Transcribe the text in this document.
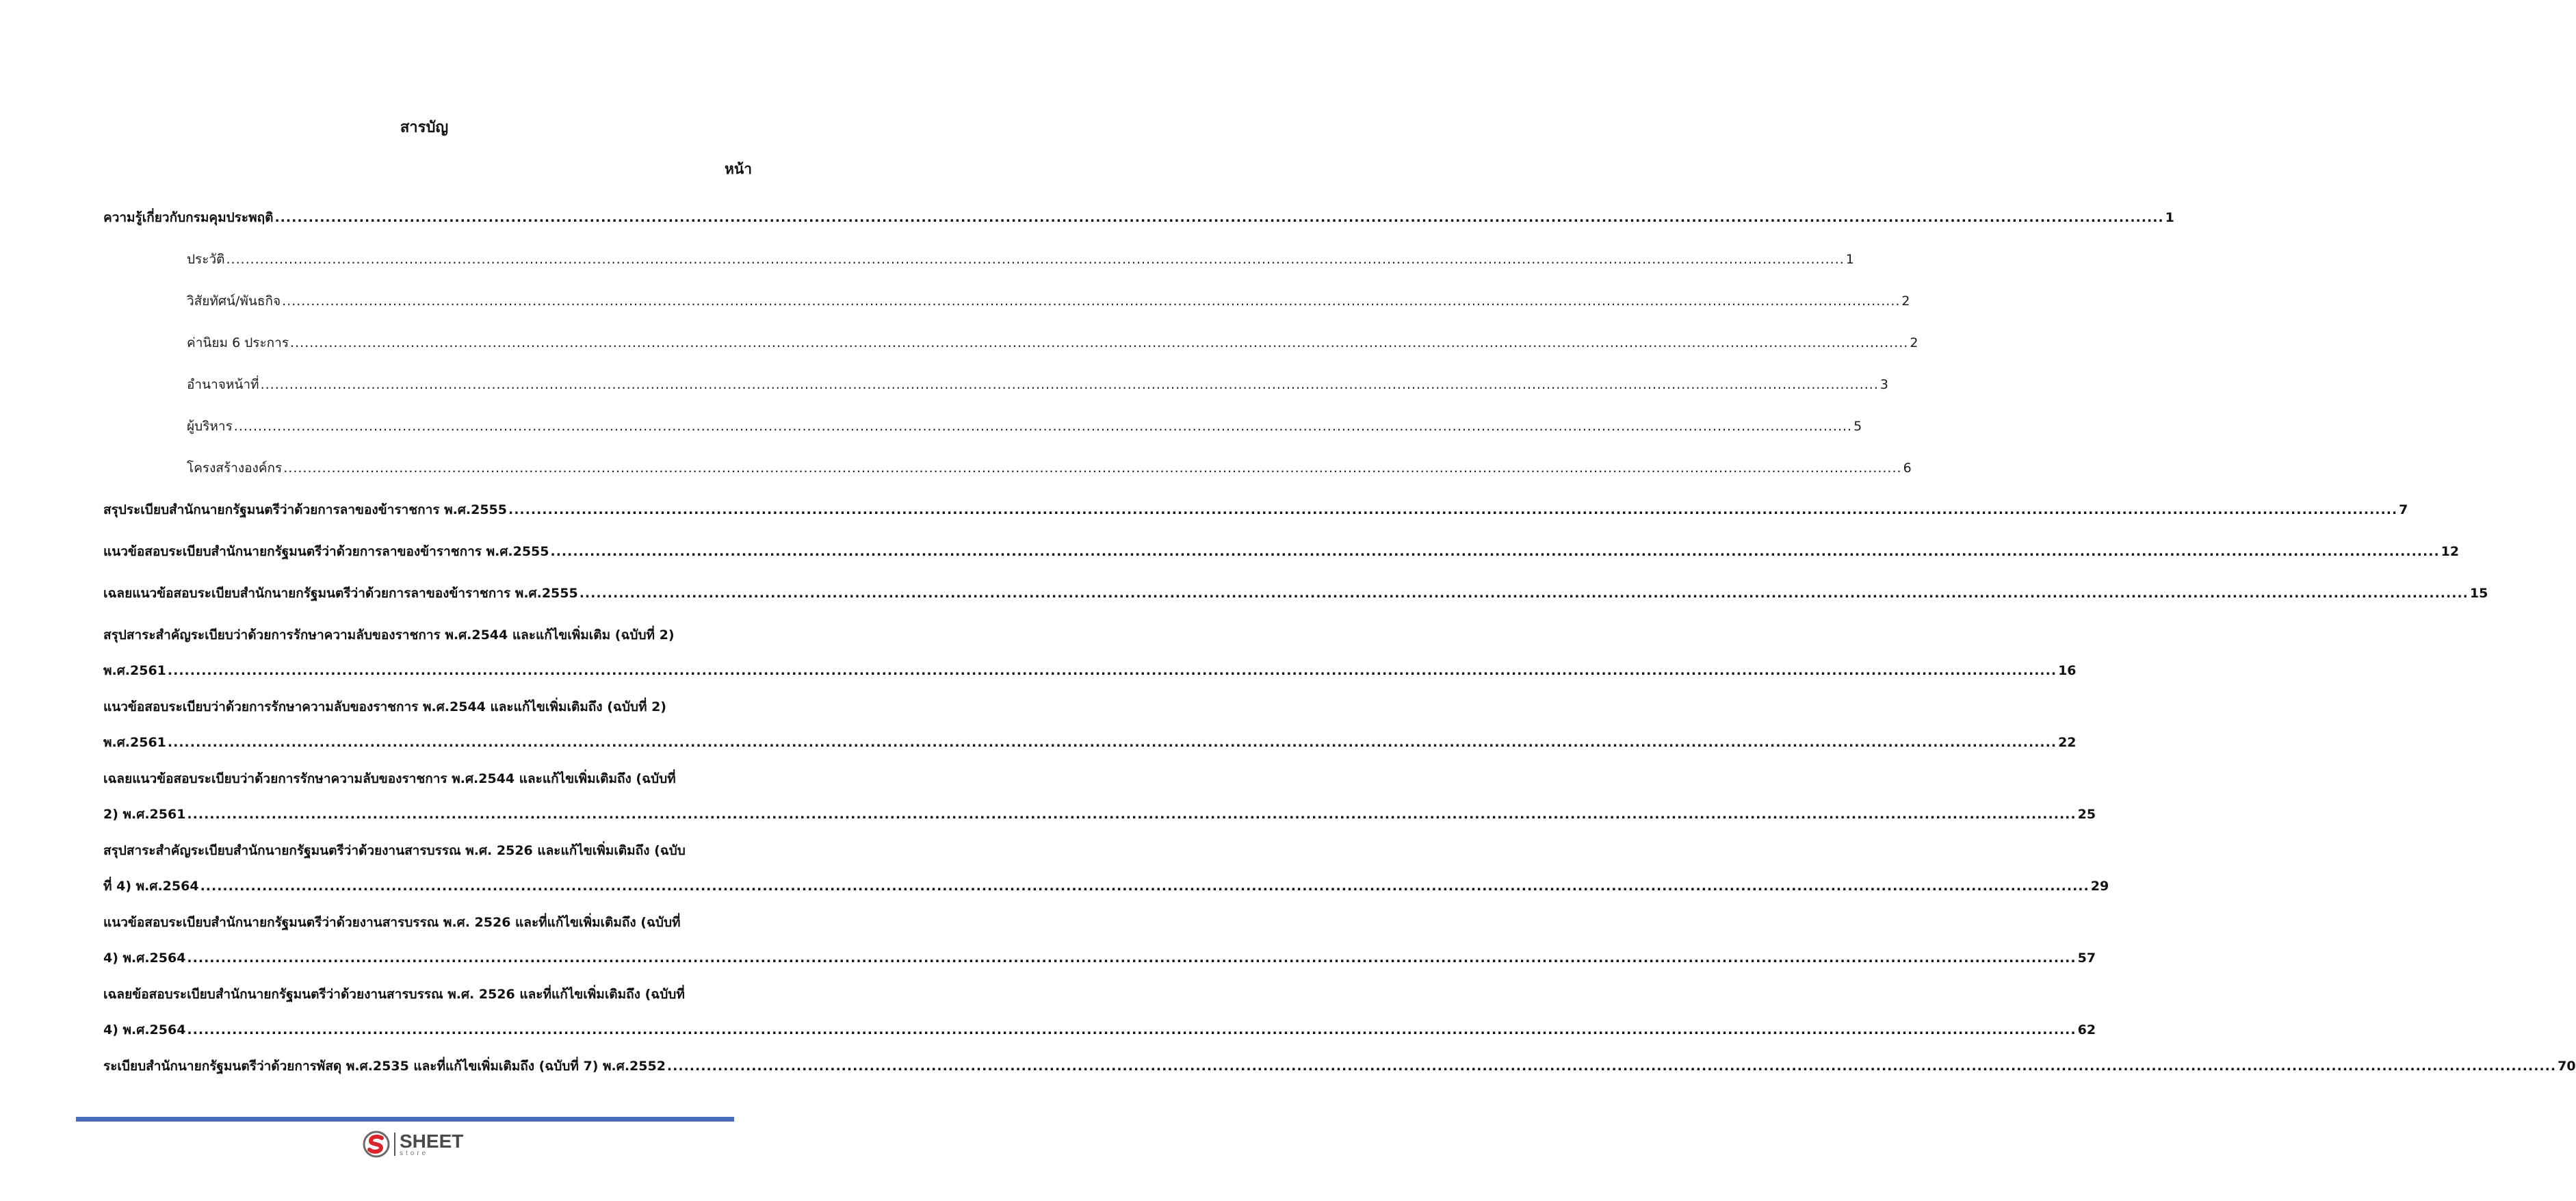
สารบัญ
หน้า
ความรู้เกี่ยวกับกรมคุมประพฤติ .....	1
ประวัติ .....	1
วิสัยทัศน์/พันธกิจ .....	2
ค่านิยม 6 ประการ .....	2
อำนาจหน้าที่ .....	3
ผู้บริหาร .....	5
โครงสร้างองค์กร .....	6
สรุประเบียบสำนักนายกรัฐมนตรีว่าด้วยการลาของข้าราชการ พ.ศ.2555 .....	7
แนวข้อสอบระเบียบสำนักนายกรัฐมนตรีว่าด้วยการลาของข้าราชการ พ.ศ.2555 .....	12
เฉลยแนวข้อสอบระเบียบสำนักนายกรัฐมนตรีว่าด้วยการลาของข้าราชการ พ.ศ.2555 .....	15
สรุปสาระสำคัญระเบียบว่าด้วยการรักษาความลับของราชการ พ.ศ.2544 และแก้ไขเพิ่มเติม (ฉบับที่ 2)
พ.ศ.2561 .....	16
แนวข้อสอบระเบียบว่าด้วยการรักษาความลับของราชการ พ.ศ.2544 และแก้ไขเพิ่มเติมถึง (ฉบับที่ 2)
พ.ศ.2561 .....	22
เฉลยแนวข้อสอบระเบียบว่าด้วยการรักษาความลับของราชการ พ.ศ.2544 และแก้ไขเพิ่มเติมถึง (ฉบับที่
2) พ.ศ.2561 .....	25
สรุปสาระสำคัญระเบียบสำนักนายกรัฐมนตรีว่าด้วยงานสารบรรณ พ.ศ. 2526 และแก้ไขเพิ่มเติมถึง (ฉบับ
ที่ 4) พ.ศ.2564 .....	29
แนวข้อสอบระเบียบสำนักนายกรัฐมนตรีว่าด้วยงานสารบรรณ พ.ศ. 2526 และที่แก้ไขเพิ่มเติมถึง (ฉบับที่
4) พ.ศ.2564 .....	57
เฉลยข้อสอบระเบียบสำนักนายกรัฐมนตรีว่าด้วยงานสารบรรณ พ.ศ. 2526 และที่แก้ไขเพิ่มเติมถึง (ฉบับที่
4) พ.ศ.2564 .....	62
ระเบียบสำนักนายกรัฐมนตรีว่าด้วยการพัสดุ พ.ศ.2535 และที่แก้ไขเพิ่มเติมถึง (ฉบับที่ 7) พ.ศ.2552 .....	70
SHEET
store
